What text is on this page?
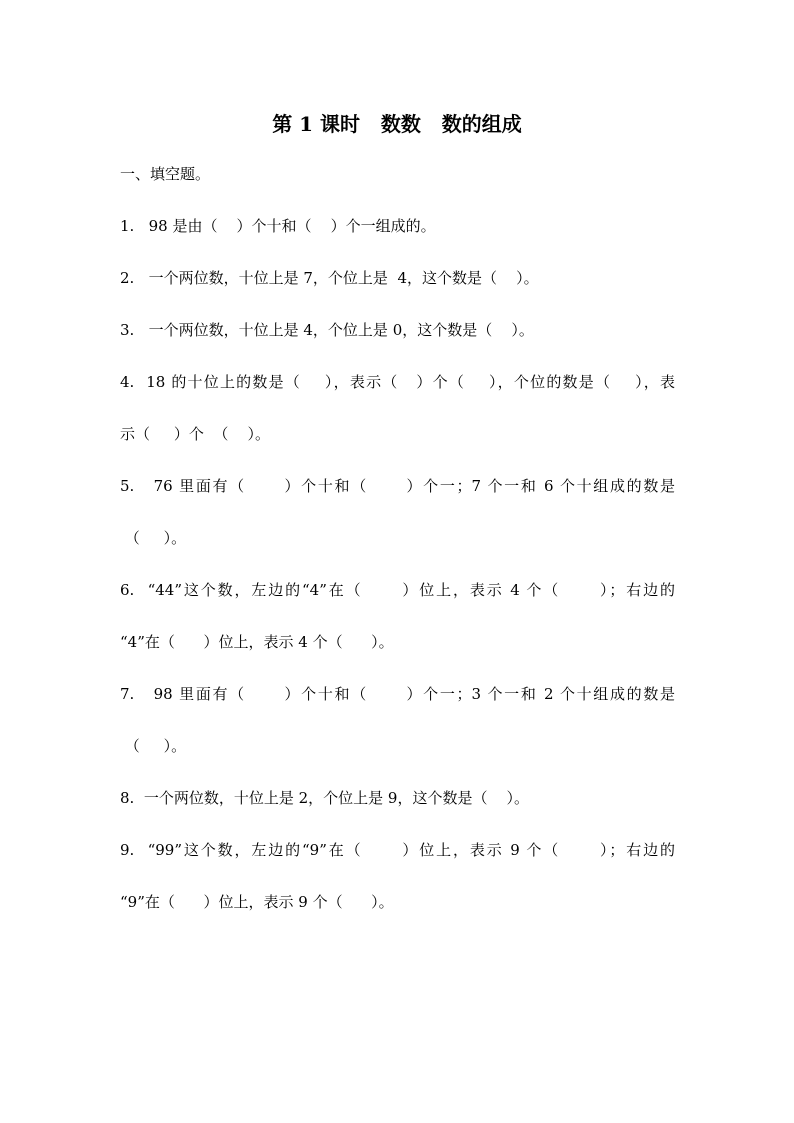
第 1 课时   数数   数的组成
一、填空题。
1.   98 是由（    ）个十和（    ）个一组成的。
2.   一个两位数，十位上是 7，个位上是  4，这个数是（    ）。
3.   一个两位数，十位上是 4，个位上是 0，这个数是（    ）。
4.  18 的十位上的数是（    ），表示（   ）个（    ），个位的数是（    ），表
示（     ）个  （    ）。
5.   76 里面有（      ）个十和（      ）个一；7 个一和 6 个十组成的数是
（     ）。
6.  “44”这个数，左边的“4”在（      ）位上，表示 4 个（      ）；右边的
“4”在（      ）位上，表示 4 个（      ）。
7.   98 里面有（      ）个十和（      ）个一；3 个一和 2 个十组成的数是
（     ）。
8.  一个两位数，十位上是 2，个位上是 9，这个数是（    ）。
9.  “99”这个数，左边的“9”在（      ）位上，表示 9 个（      ）；右边的
“9”在（      ）位上，表示 9 个（      ）。
